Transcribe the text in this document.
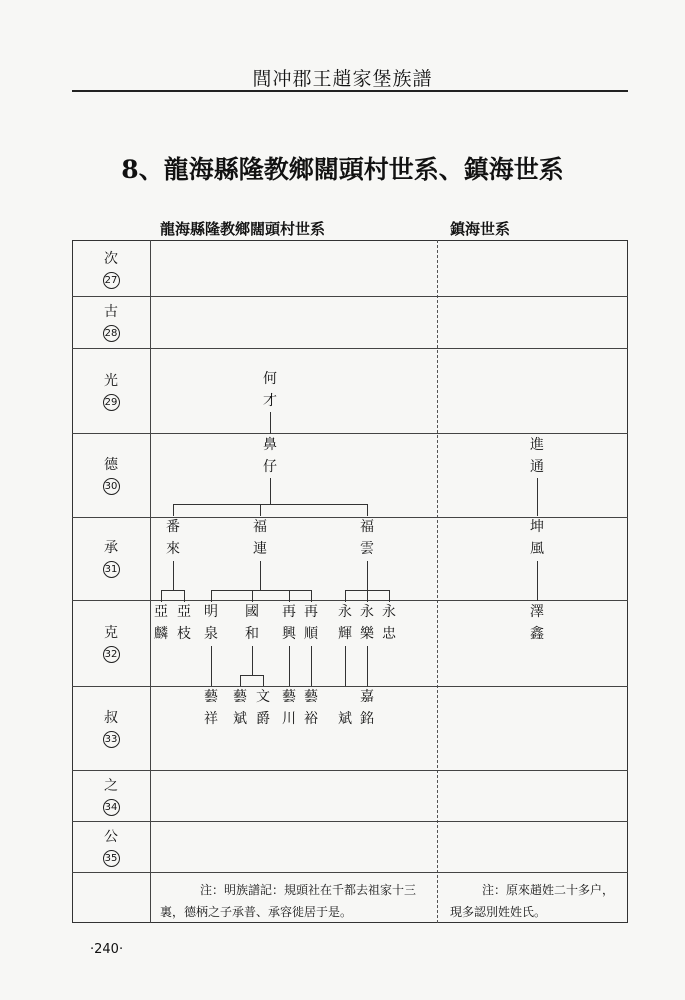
閭冲郡王趙家堡族譜
8、龍海縣隆教鄉闊頭村世系、鎮海世系
龍海縣隆教鄉闊頭村世系	鎮海世系
次
27
古
28
光
29
德
30
承
31
克
32
叔
33
之
34
公
35
何才
鼻仔
番來
福連
福雲
亞麟
亞枝
明泉
國和
再興
再順
永輝
永樂
永忠
藝祥
藝斌
文爵
藝川
藝裕 斌
嘉銘
進通
坤風
澤鑫
注：明族譜記：規頭社在千都去祖家十三裏，德柄之子承普、承容徙居于是。
注：原來趙姓二十多户，現多認別姓姓氏。
·240·
